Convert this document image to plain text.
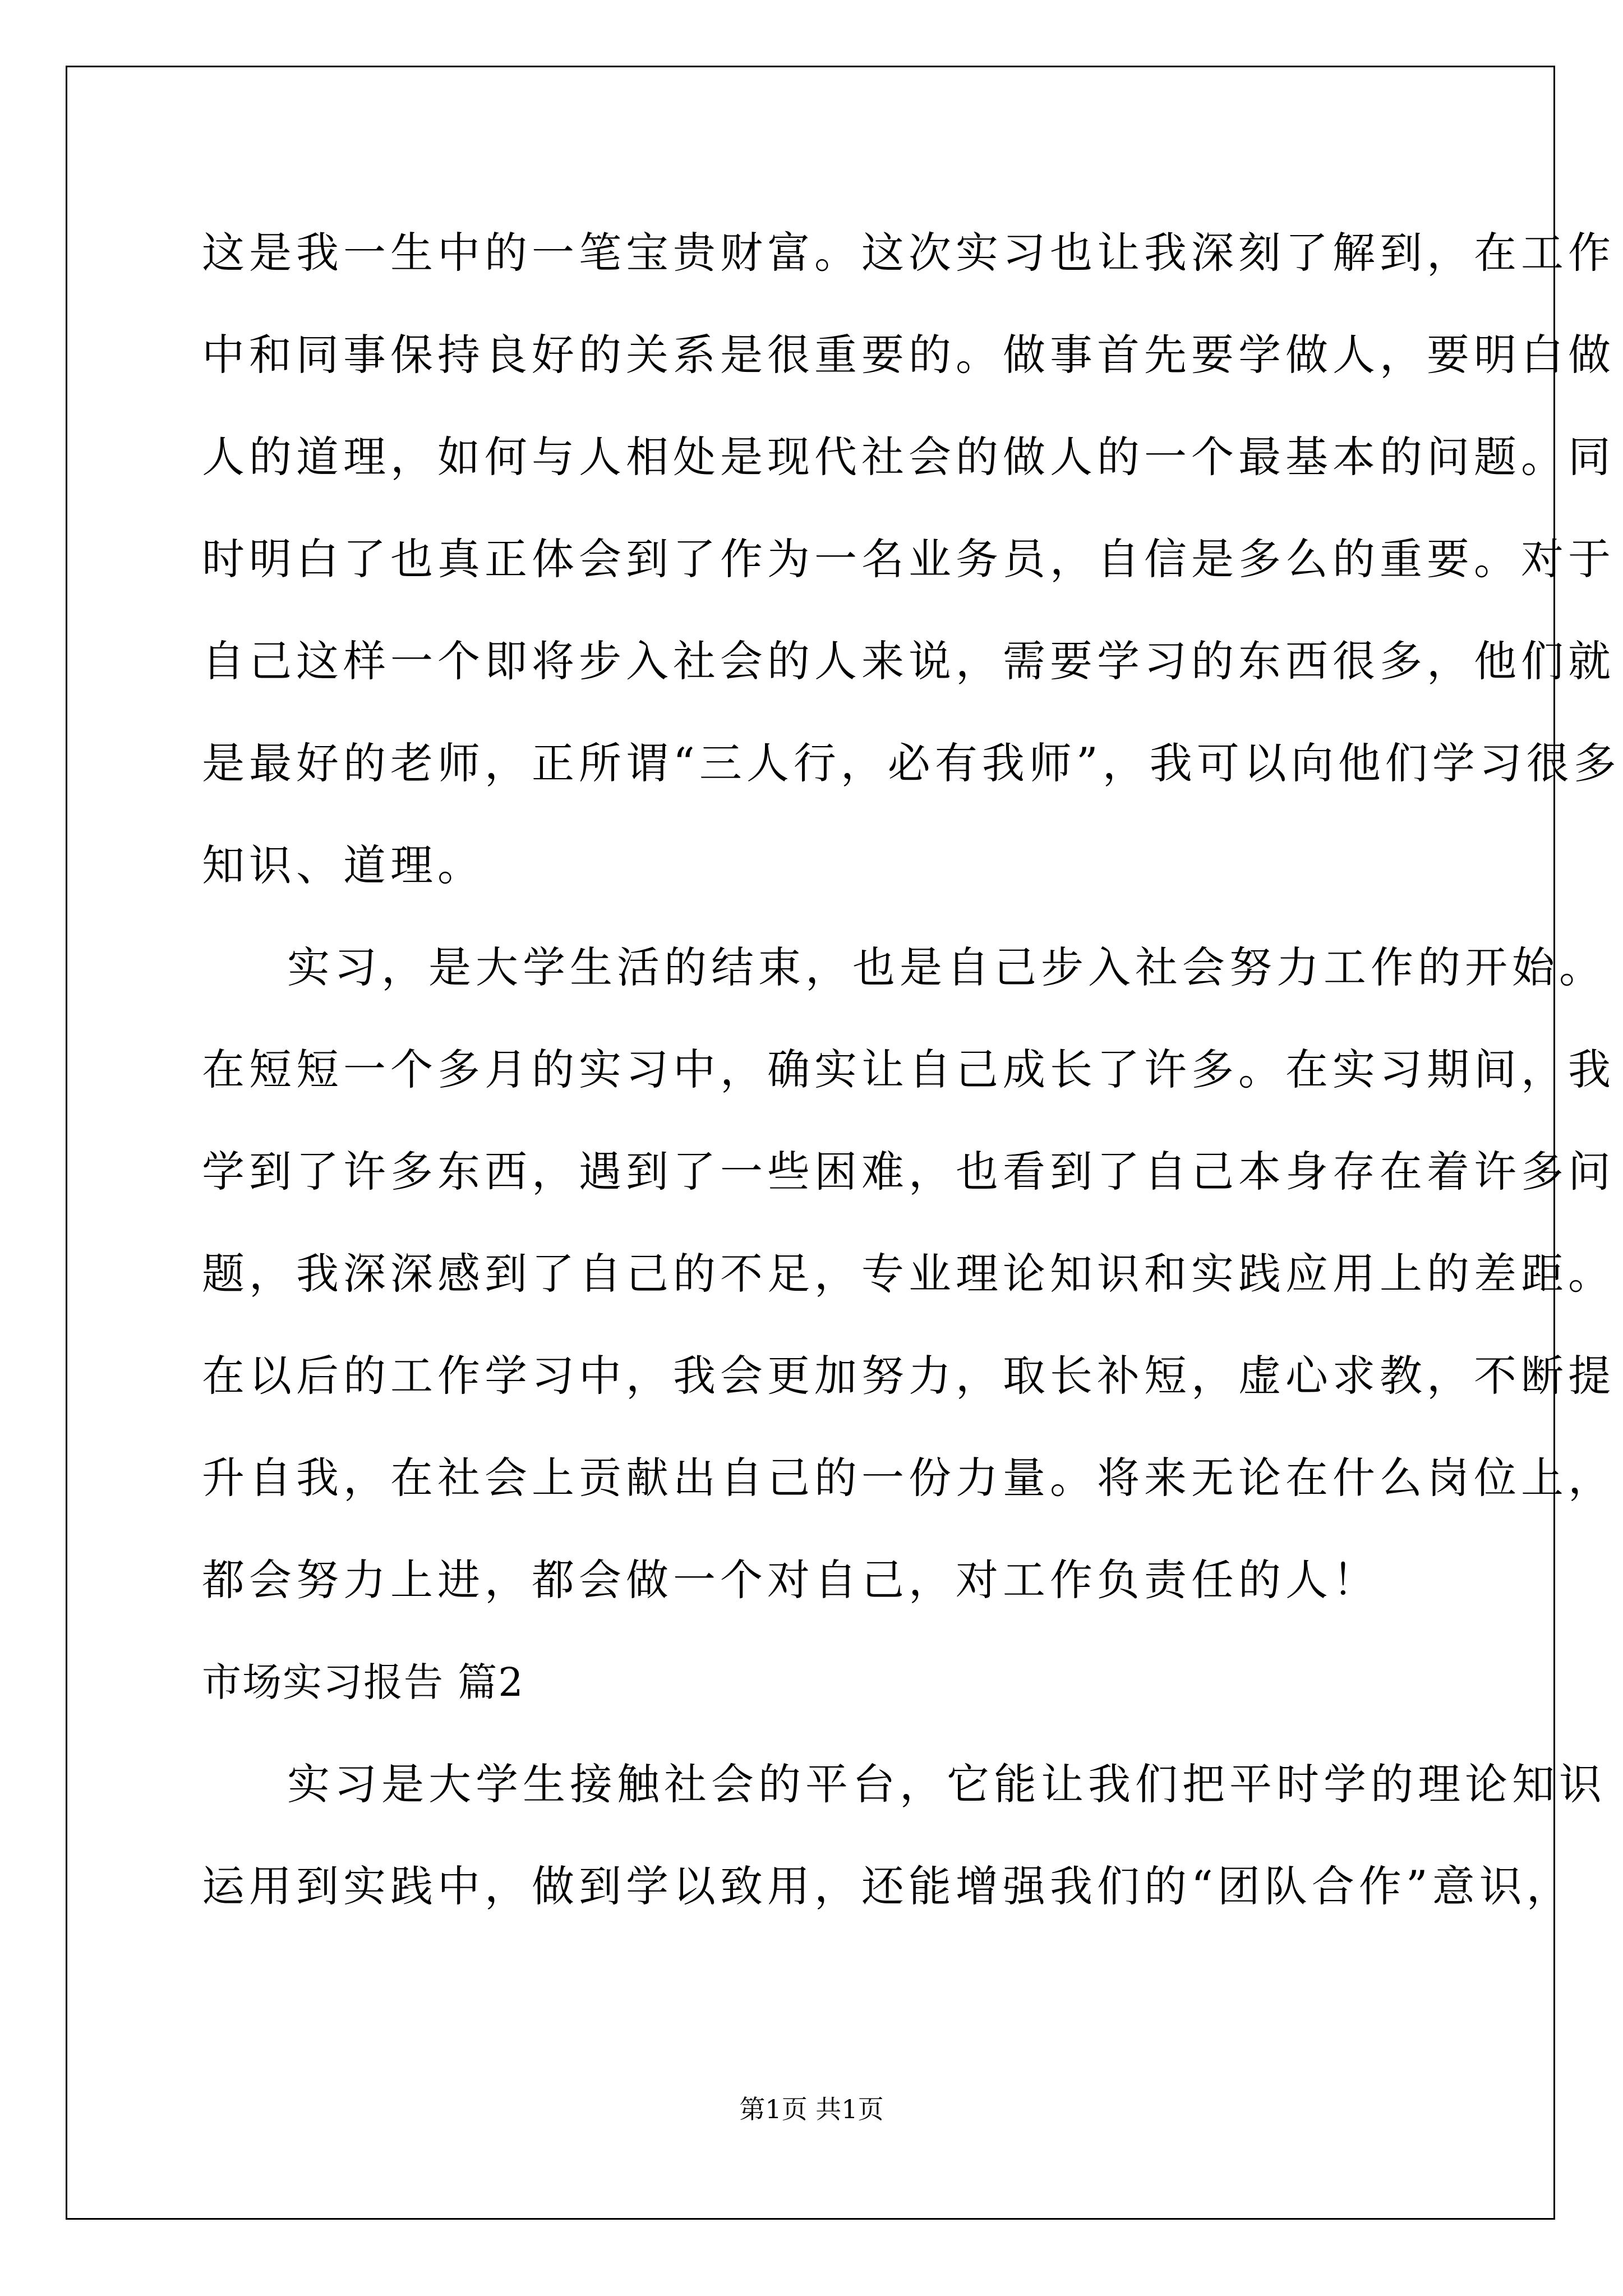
这是我一生中的一笔宝贵财富。这次实习也让我深刻了解到，在工作
中和同事保持良好的关系是很重要的。做事首先要学做人，要明白做
人的道理，如何与人相处是现代社会的做人的一个最基本的问题。同
时明白了也真正体会到了作为一名业务员，自信是多么的重要。对于
自己这样一个即将步入社会的人来说，需要学习的东西很多，他们就
是最好的老师，正所谓“三人行，必有我师”，我可以向他们学习很多
知识、道理。
实习，是大学生活的结束，也是自己步入社会努力工作的开始。
在短短一个多月的实习中，确实让自己成长了许多。在实习期间，我
学到了许多东西，遇到了一些困难，也看到了自己本身存在着许多问
题，我深深感到了自己的不足，专业理论知识和实践应用上的差距。
在以后的工作学习中，我会更加努力，取长补短，虚心求教，不断提
升自我，在社会上贡献出自己的一份力量。将来无论在什么岗位上，
都会努力上进，都会做一个对自己，对工作负责任的人！
市场实习报告 篇2
实习是大学生接触社会的平台，它能让我们把平时学的理论知识
运用到实践中，做到学以致用，还能增强我们的“团队合作”意识，
第1页 共1页
